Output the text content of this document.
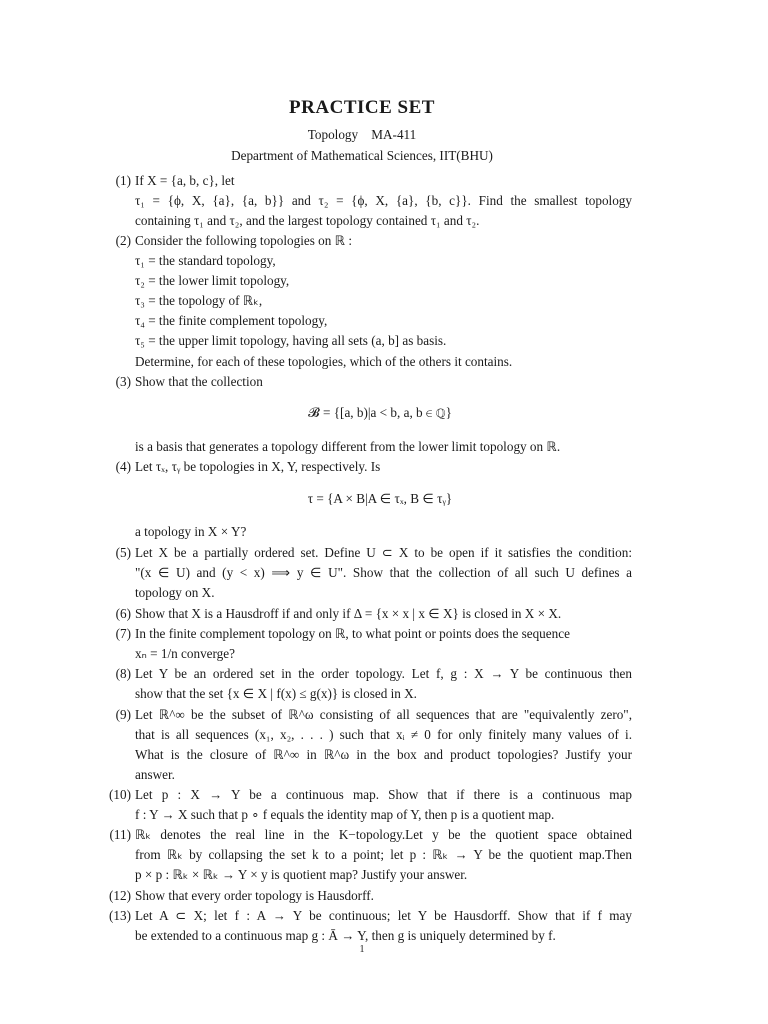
PRACTICE SET
Topology    MA-411
Department of Mathematical Sciences, IIT(BHU)
(1) If X = {a, b, c}, let
τ₁ = {ϕ, X, {a}, {a, b}} and τ₂ = {ϕ, X, {a}, {b, c}}. Find the smallest topology
containing τ₁ and τ₂, and the largest topology contained τ₁ and τ₂.
(2) Consider the following topologies on ℝ :
τ₁ = the standard topology,
τ₂ = the lower limit topology,
τ₃ = the topology of ℝₖ,
τ₄ = the finite complement topology,
τ₅ = the upper limit topology, having all sets (a, b] as basis.
Determine, for each of these topologies, which of the others it contains.
(3) Show that the collection
𝓑 = {[a, b)|a < b, a, b ∈ ℚ}
is a basis that generates a topology different from the lower limit topology on ℝ.
(4) Let τₓ, τᵧ be topologies in X, Y, respectively. Is
τ = {A × B|A ∈ τₓ, B ∈ τᵧ}
a topology in X × Y?
(5) Let X be a partially ordered set. Define U ⊂ X to be open if it satisfies the condition:
"(x ∈ U) and (y < x) ⟹ y ∈ U". Show that the collection of all such U defines a
topology on X.
(6) Show that X is a Hausdroff if and only if Δ = {x × x | x ∈ X} is closed in X × X.
(7) In the finite complement topology on ℝ, to what point or points does the sequence
xₙ = 1/n converge?
(8) Let Y be an ordered set in the order topology. Let f, g : X → Y be continuous then
show that the set {x ∈ X | f(x) ≤ g(x)} is closed in X.
(9) Let ℝ^∞ be the subset of ℝ^ω consisting of all sequences that are "equivalently zero",
that is all sequences (x₁, x₂, . . . ) such that xᵢ ≠ 0 for only finitely many values of i.
What is the closure of ℝ^∞ in ℝ^ω in the box and product topologies? Justify your
answer.
(10) Let p : X → Y be a continuous map. Show that if there is a continuous map
f : Y → X such that p ∘ f equals the identity map of Y, then p is a quotient map.
(11) ℝₖ denotes the real line in the K−topology.Let y be the quotient space obtained
from ℝₖ by collapsing the set k to a point; let p : ℝₖ → Y be the quotient map.Then
p × p : ℝₖ × ℝₖ → Y × y is quotient map? Justify your answer.
(12) Show that every order topology is Hausdorff.
(13) Let A ⊂ X; let f : A → Y be continuous; let Y be Hausdorff. Show that if f may
be extended to a continuous map g : Ā → Y, then g is uniquely determined by f.
1
